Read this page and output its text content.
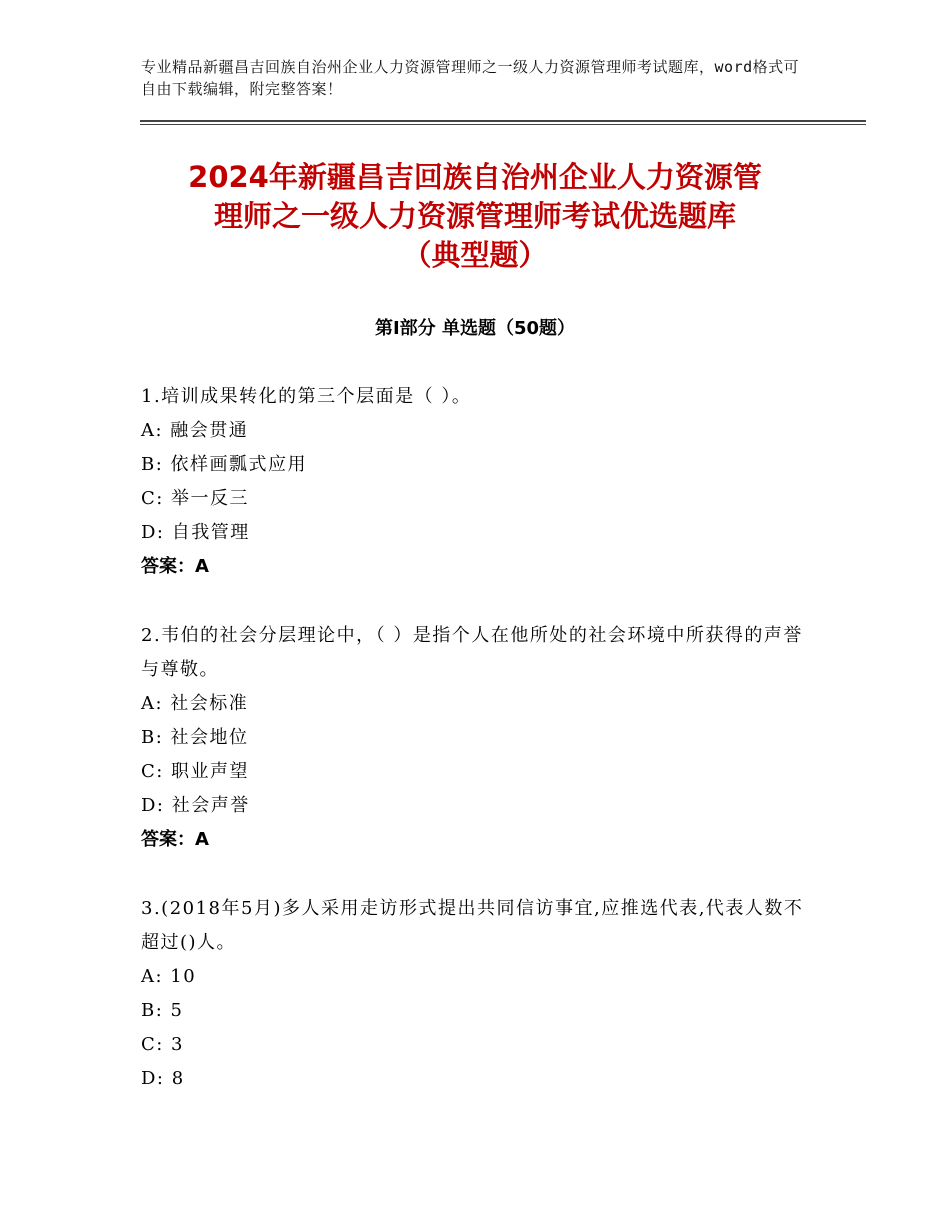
专业精品新疆昌吉回族自治州企业人力资源管理师之一级人力资源管理师考试题库，word格式可自由下载编辑，附完整答案！
2024年新疆昌吉回族自治州企业人力资源管
理师之一级人力资源管理师考试优选题库
（典型题）
第Ⅰ部分 单选题（50题）

1.培训成果转化的第三个层面是（ ）。

A: 融会贯通

B: 依样画瓢式应用

C: 举一反三

D: 自我管理

答案：A

2.韦伯的社会分层理论中，（ ）是指个人在他所处的社会环境中所获得的声誉与尊敬。

A: 社会标准

B: 社会地位

C: 职业声望

D: 社会声誉

答案：A

3.(2018年5月)多人采用走访形式提出共同信访事宜,应推选代表,代表人数不超过()人。

A: 10

B: 5

C: 3

D: 8
